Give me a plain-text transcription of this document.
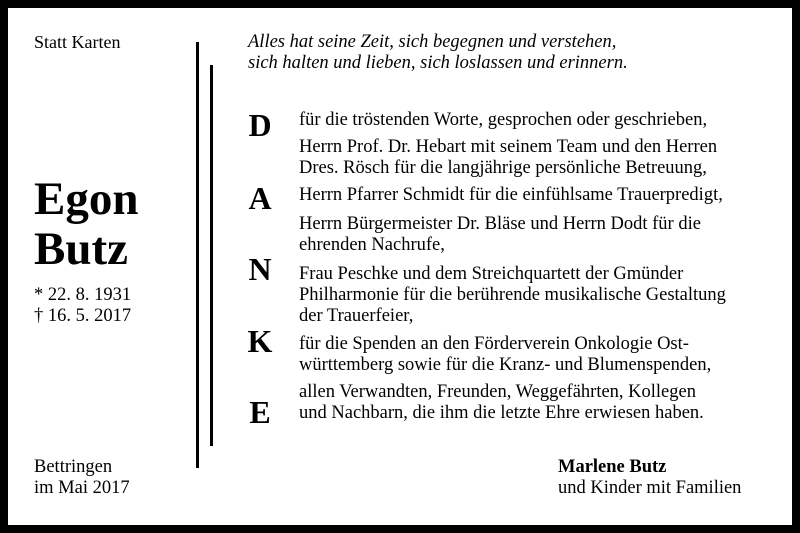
Statt Karten
Egon
Butz
* 22. 8. 1931
† 16. 5. 2017
Bettringen
im Mai 2017
Alles hat seine Zeit, sich begegnen und verstehen,
sich halten und lieben, sich loslassen und erinnern.
D
A
N
K
E
für die tröstenden Worte, gesprochen oder geschrieben,
Herrn Prof. Dr. Hebart mit seinem Team und den Herren
Dres. Rösch für die langjährige persönliche Betreuung,
Herrn Pfarrer Schmidt für die einfühlsame Trauerpredigt,
Herrn Bürgermeister Dr. Bläse und Herrn Dodt für die
ehrenden Nachrufe,
Frau Peschke und dem Streichquartett der Gmünder
Philharmonie für die berührende musikalische Gestaltung
der Trauerfeier,
für die Spenden an den Förderverein Onkologie Ost-
württemberg sowie für die Kranz- und Blumenspenden,
allen Verwandten, Freunden, Weggefährten, Kollegen
und Nachbarn, die ihm die letzte Ehre erwiesen haben.
Marlene Butz
und Kinder mit Familien
